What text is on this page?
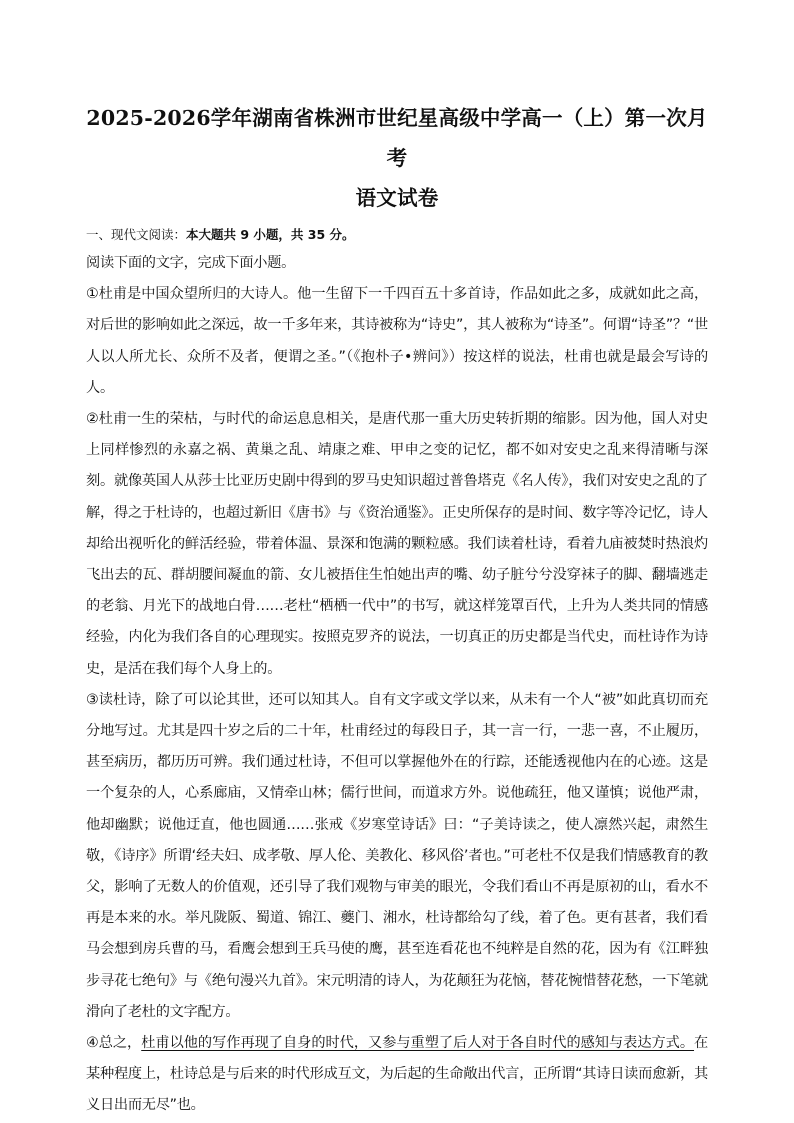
2025-2026学年湖南省株洲市世纪星高级中学高一（上）第一次月考
语文试卷

一、现代文阅读：本大题共 9 小题，共 35 分。

阅读下面的文字，完成下面小题。

①杜甫是中国众望所归的大诗人。他一生留下一千四百五十多首诗，作品如此之多，成就如此之高，对后世的影响如此之深远，故一千多年来，其诗被称为“诗史”，其人被称为“诗圣”。何谓“诗圣”？“世人以人所尤长、众所不及者，便谓之圣。”（《抱朴子•辨问》）按这样的说法，杜甫也就是最会写诗的人。

②杜甫一生的荣枯，与时代的命运息息相关，是唐代那一重大历史转折期的缩影。因为他，国人对史上同样惨烈的永嘉之祸、黄巢之乱、靖康之难、甲申之变的记忆，都不如对安史之乱来得清晰与深刻。就像英国人从莎士比亚历史剧中得到的罗马史知识超过普鲁塔克《名人传》，我们对安史之乱的了解，得之于杜诗的，也超过新旧《唐书》与《资治通鉴》。正史所保存的是时间、数字等冷记忆，诗人却给出视听化的鲜活经验，带着体温、景深和饱满的颗粒感。我们读着杜诗，看着九庙被焚时热浪灼飞出去的瓦、群胡腰间凝血的箭、女儿被捂住生怕她出声的嘴、幼子脏兮兮没穿袜子的脚、翻墙逃走的老翁、月光下的战地白骨……老杜“栖栖一代中”的书写，就这样笼罩百代，上升为人类共同的情感经验，内化为我们各自的心理现实。按照克罗齐的说法，一切真正的历史都是当代史，而杜诗作为诗史，是活在我们每个人身上的。

③读杜诗，除了可以论其世，还可以知其人。自有文字或文学以来，从未有一个人“被”如此真切而充分地写过。尤其是四十岁之后的二十年，杜甫经过的每段日子，其一言一行，一悲一喜，不止履历，甚至病历，都历历可辨。我们通过杜诗，不但可以掌握他外在的行踪，还能透视他内在的心迹。这是一个复杂的人，心系廊庙，又情牵山林；儒行世间，而道求方外。说他疏狂，他又谨慎；说他严肃，他却幽默；说他迂直，他也圆通……张戒《岁寒堂诗话》曰：“子美诗读之，使人凛然兴起，肃然生敬，《诗序》所谓‘经夫妇、成孝敬、厚人伦、美教化、移风俗’者也。”可老杜不仅是我们情感教育的教父，影响了无数人的价值观，还引导了我们观物与审美的眼光，令我们看山不再是原初的山，看水不再是本来的水。举凡陇阪、蜀道、锦江、夔门、湘水，杜诗都给勾了线，着了色。更有甚者，我们看马会想到房兵曹的马，看鹰会想到王兵马使的鹰，甚至连看花也不纯粹是自然的花，因为有《江畔独步寻花七绝句》与《绝句漫兴九首》。宋元明清的诗人，为花颠狂为花恼，替花惋惜替花愁，一下笔就滑向了老杜的文字配方。

④总之，杜甫以他的写作再现了自身的时代，又参与重塑了后人对于各自时代的感知与表达方式。在某种程度上，杜诗总是与后来的时代形成互文，为后起的生命敞出代言，正所谓“其诗日读而愈新，其义日出而无尽”也。
